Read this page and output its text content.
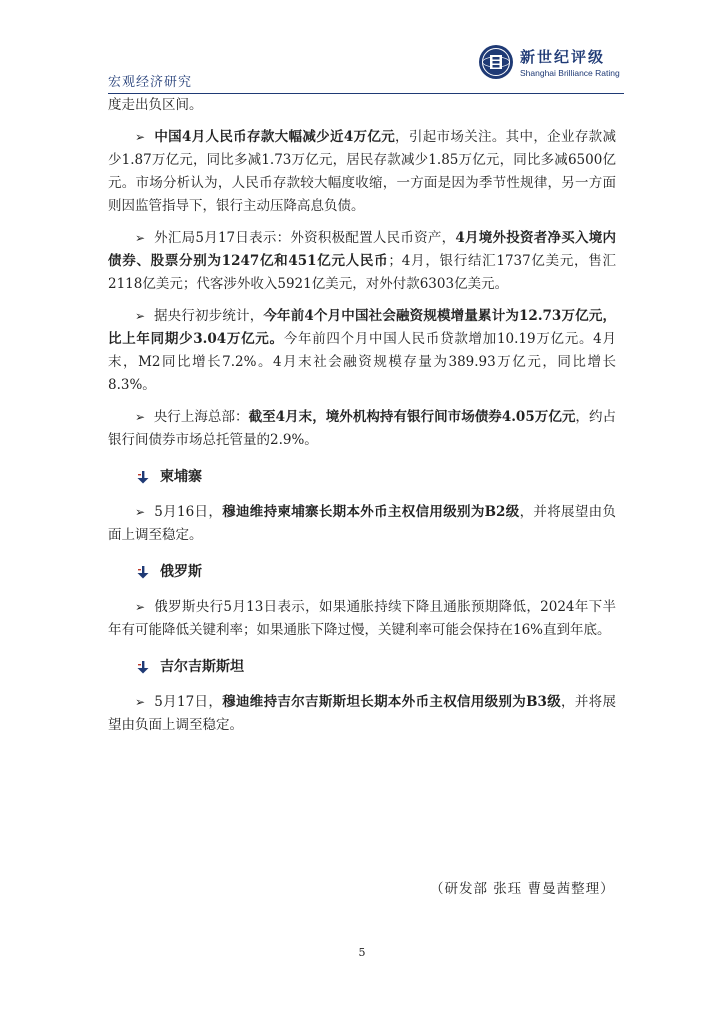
宏观经济研究
新世纪评级
Shanghai Brilliance Rating

度走出负区间。

➢ 中国4月人民币存款大幅减少近4万亿元，引起市场关注。其中，企业存款减少1.87万亿元，同比多减1.73万亿元，居民存款减少1.85万亿元，同比多减6500亿元。市场分析认为，人民币存款较大幅度收缩，一方面是因为季节性规律，另一方面则因监管指导下，银行主动压降高息负债。

➢ 外汇局5月17日表示：外资积极配置人民币资产，4月境外投资者净买入境内债券、股票分别为1247亿和451亿元人民币；4月，银行结汇1737亿美元，售汇2118亿美元；代客涉外收入5921亿美元，对外付款6303亿美元。

➢ 据央行初步统计，今年前4个月中国社会融资规模增量累计为12.73万亿元，比上年同期少3.04万亿元。今年前四个月中国人民币贷款增加10.19万亿元。4月末，M2同比增长7.2%。4月末社会融资规模存量为389.93万亿元，同比增长8.3%。

➢ 央行上海总部：截至4月末，境外机构持有银行间市场债券4.05万亿元，约占银行间债券市场总托管量的2.9%。

柬埔寨

➢ 5月16日，穆迪维持柬埔寨长期本外币主权信用级别为B2级，并将展望由负面上调至稳定。

俄罗斯

➢ 俄罗斯央行5月13日表示，如果通胀持续下降且通胀预期降低，2024年下半年有可能降低关键利率；如果通胀下降过慢，关键利率可能会保持在16%直到年底。

吉尔吉斯斯坦

➢ 5月17日，穆迪维持吉尔吉斯斯坦长期本外币主权信用级别为B3级，并将展望由负面上调至稳定。

（研发部 张珏 曹曼茜整理）
5
